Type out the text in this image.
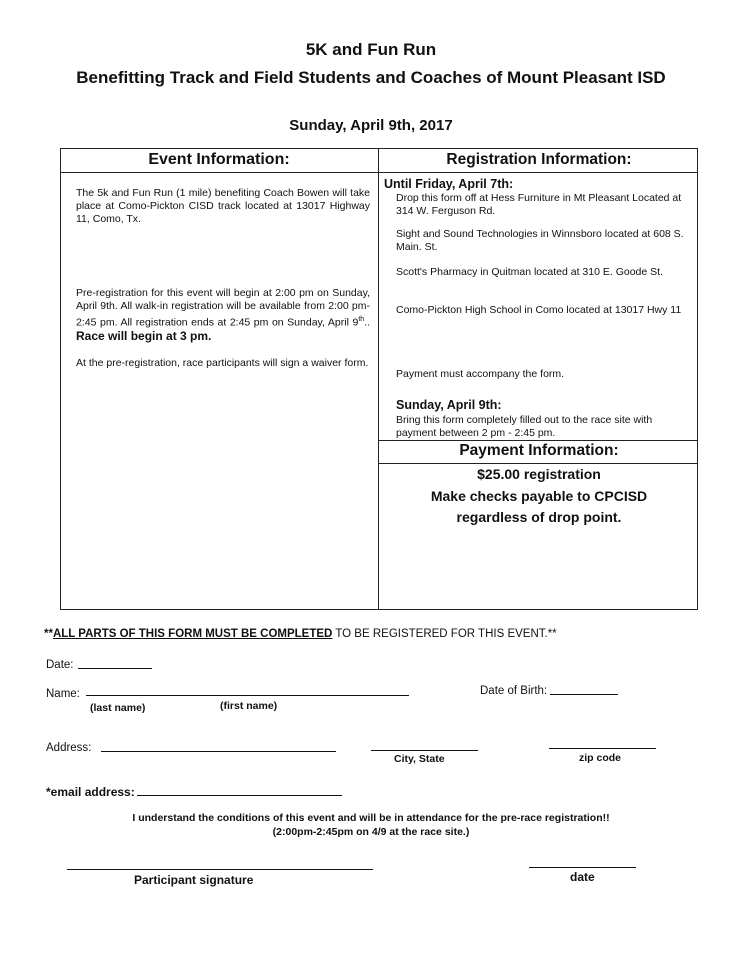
5K and Fun Run
Benefitting Track and Field Students and Coaches of Mount Pleasant ISD
Sunday, April 9th, 2017
Event Information:
The 5k and Fun Run (1 mile) benefiting Coach Bowen will take place at Como-Pickton CISD track located at 13017 Highway 11, Como, Tx.
Pre-registration for this event will begin at 2:00 pm on Sunday, April 9th. All walk-in registration will be available from 2:00 pm-2:45 pm. All registration ends at 2:45 pm on Sunday, April 9th.. Race will begin at 3 pm.
At the pre-registration, race participants will sign a waiver form.
Registration Information:
Until Friday, April 7th:
Drop this form off at Hess Furniture in Mt Pleasant Located at 314 W. Ferguson Rd.
Sight and Sound Technologies in Winnsboro located at 608 S. Main. St.
Scott's Pharmacy in Quitman located at 310 E. Goode St.
Como-Pickton High School in Como located at 13017 Hwy 11
Payment must accompany the form.
Sunday, April 9th:
Bring this form completely filled out to the race site with payment between 2 pm - 2:45 pm.
Payment Information:
$25.00 registration
Make checks payable to CPCISD
regardless of drop point.
**ALL PARTS OF THIS FORM MUST BE COMPLETED TO BE REGISTERED FOR THIS EVENT.**
Date:
Name:
(last name)	(first name)
Date of Birth:
Address:
City, State	zip code
*email address:
I understand the conditions of this event and will be in attendance for the pre-race registration!!
(2:00pm-2:45pm on 4/9 at the race site.)
Participant signature	date
